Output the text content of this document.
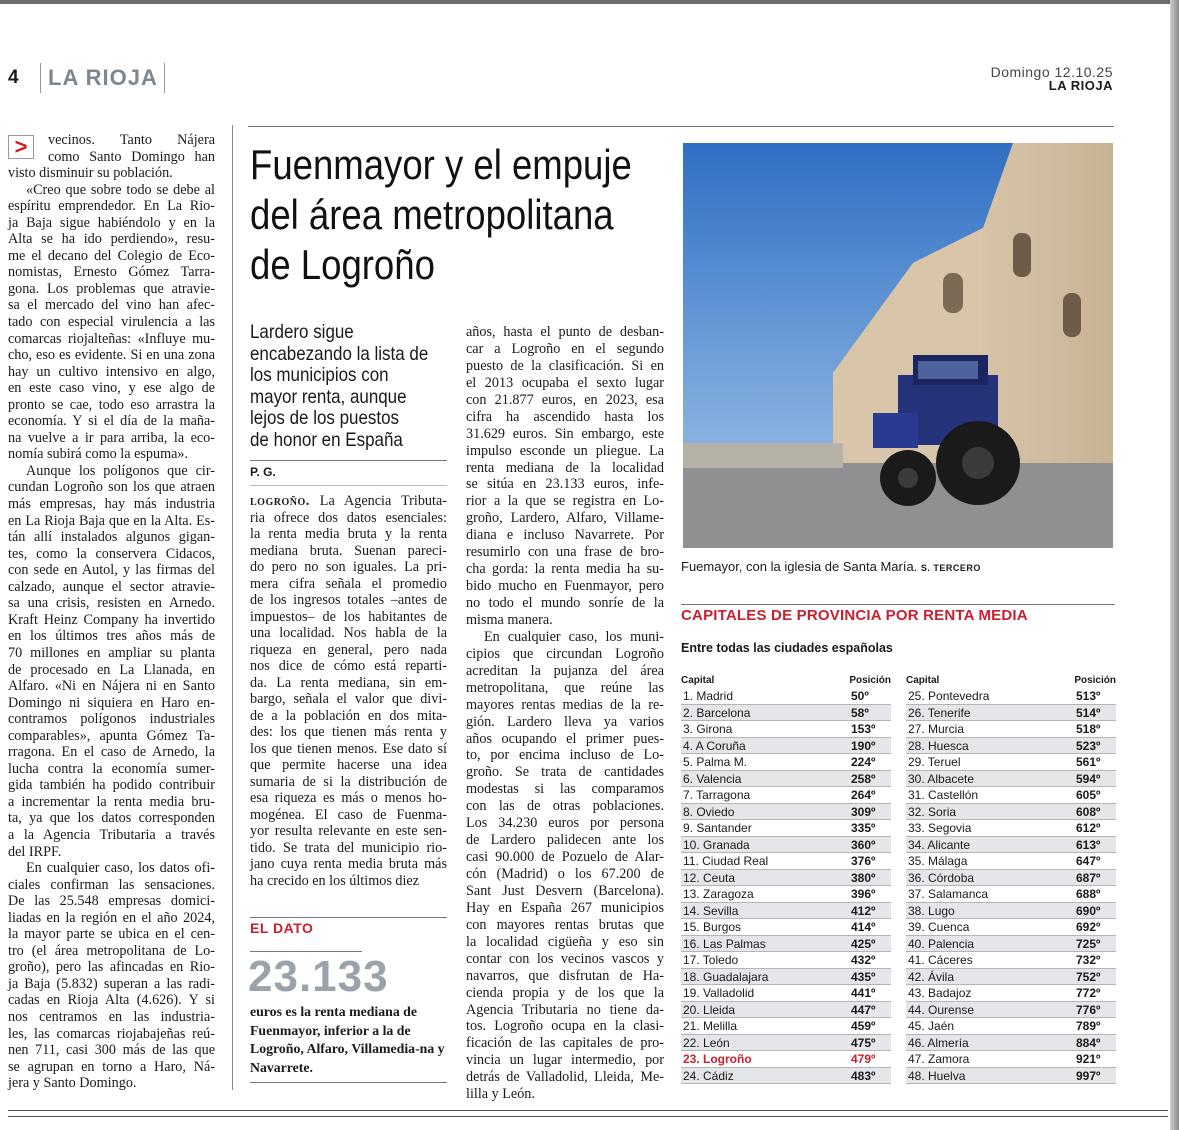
4 LA RIOJA	Domingo 12.10.25
LA RIOJA
>	vecinos. Tanto Nájera
como Santo Domingo han
visto disminuir su población.
«Creo que sobre todo se debe al
espíritu emprendedor. En La Rio-
ja Baja sigue habiéndolo y en la
Alta se ha ido perdiendo», resu-
me el decano del Colegio de Eco-
nomistas, Ernesto Gómez Tarra-
gona. Los problemas que atravie-
sa el mercado del vino han afec-
tado con especial virulencia a las
comarcas riojalteñas: «Influye mu-
cho, eso es evidente. Si en una zona
hay un cultivo intensivo en algo,
en este caso vino, y ese algo de
pronto se cae, todo eso arrastra la
economía. Y si el día de la maña-
na vuelve a ir para arriba, la eco-
nomía subirá como la espuma».
Aunque los polígonos que cir-
cundan Logroño son los que atraen
más empresas, hay más industria
en La Rioja Baja que en la Alta. Es-
tán allí instalados algunos gigan-
tes, como la conservera Cidacos,
con sede en Autol, y las firmas del
calzado, aunque el sector atravie-
sa una crisis, resisten en Arnedo.
Kraft Heinz Company ha invertido
en los últimos tres años más de
70 millones en ampliar su planta
de procesado en La Llanada, en
Alfaro. «Ni en Nájera ni en Santo
Domingo ni siquiera en Haro en-
contramos polígonos industriales
comparables», apunta Gómez Ta-
rragona. En el caso de Arnedo, la
lucha contra la economía sumer-
gida también ha podido contribuir
a incrementar la renta media bru-
ta, ya que los datos corresponden
a la Agencia Tributaria a través
del IRPF.
En cualquier caso, los datos ofi-
ciales confirman las sensaciones.
De las 25.548 empresas domici-
liadas en la región en el año 2024,
la mayor parte se ubica en el cen-
tro (el área metropolitana de Lo-
groño), pero las afincadas en Rio-
ja Baja (5.832) superan a las radi-
cadas en Rioja Alta (4.626). Y si
nos centramos en las industria-
les, las comarcas riojabajeñas reú-
nen 711, casi 300 más de las que
se agrupan en torno a Haro, Ná-
jera y Santo Domingo.
Fuenmayor y el empuje
del área metropolitana
de Logroño
Lardero sigue
encabezando la lista de
los municipios con
mayor renta, aunque
lejos de los puestos
de honor en España
P. G.
logroño. La Agencia Tributa-
ria ofrece dos datos esenciales:
la renta media bruta y la renta
mediana bruta. Suenan pareci-
do pero no son iguales. La pri-
mera cifra señala el promedio
de los ingresos totales –antes de
impuestos– de los habitantes de
una localidad. Nos habla de la
riqueza en general, pero nada
nos dice de cómo está reparti-
da. La renta mediana, sin em-
bargo, señala el valor que divi-
de a la población en dos mita-
des: los que tienen más renta y
los que tienen menos. Ese dato sí
que permite hacerse una idea
sumaria de si la distribución de
esa riqueza es más o menos ho-
mogénea. El caso de Fuenma-
yor resulta relevante en este sen-
tido. Se trata del municipio rio-
jano cuya renta media bruta más
ha crecido en los últimos diez
años, hasta el punto de desban-
car a Logroño en el segundo
puesto de la clasificación. Si en
el 2013 ocupaba el sexto lugar
con 21.877 euros, en 2023, esa
cifra ha ascendido hasta los
31.629 euros. Sin embargo, este
impulso esconde un pliegue. La
renta mediana de la localidad
se sitúa en 23.133 euros, infe-
rior a la que se registra en Lo-
groño, Lardero, Alfaro, Villame-
diana e incluso Navarrete. Por
resumirlo con una frase de bro-
cha gorda: la renta media ha su-
bido mucho en Fuenmayor, pero
no todo el mundo sonríe de la
misma manera.
En cualquier caso, los muni-
cipios que circundan Logroño
acreditan la pujanza del área
metropolitana, que reúne las
mayores rentas medias de la re-
gión. Lardero lleva ya varios
años ocupando el primer pues-
to, por encima incluso de Lo-
groño. Se trata de cantidades
modestas si las comparamos
con las de otras poblaciones.
Los 34.230 euros por persona
de Lardero palidecen ante los
casi 90.000 de Pozuelo de Alar-
cón (Madrid) o los 67.200 de
Sant Just Desvern (Barcelona).
Hay en España 267 municipios
con mayores rentas brutas que
la localidad cigüeña y eso sin
contar con los vecinos vascos y
navarros, que disfrutan de Ha-
cienda propia y de los que la
Agencia Tributaria no tiene da-
tos. Logroño ocupa en la clasi-
ficación de las capitales de pro-
vincia un lugar intermedio, por
detrás de Valladolid, Lleida, Me-
lilla y León.
EL DATO
23.133
euros es la renta mediana de Fuenmayor, inferior a la de Logroño, Alfaro, Villamedia-na y Navarrete.
Fuemayor, con la iglesia de Santa María. S. TERCERO
CAPITALES DE PROVINCIA POR RENTA MEDIA
Entre todas las ciudades españolas
Capital	Posición
1. Madrid	50º
2. Barcelona	58º
3. Girona	153º
4. A Coruña	190º
5. Palma M.	224º
6. Valencia	258º
7. Tarragona	264º
8. Oviedo	309º
9. Santander	335º
10. Granada	360º
11. Ciudad Real	376º
12. Ceuta	380º
13. Zaragoza	396º
14. Sevilla	412º
15. Burgos	414º
16. Las Palmas	425º
17. Toledo	432º
18. Guadalajara	435º
19. Valladolid	441º
20. Lleida	447º
21. Melilla	459º
22. León	475º
23. Logroño	479º
24. Cádiz	483º
Capital	Posición
25. Pontevedra	513º
26. Tenerife	514º
27. Murcia	518º
28. Huesca	523º
29. Teruel	561º
30. Albacete	594º
31. Castellón	605º
32. Soria	608º
33. Segovia	612º
34. Alicante	613º
35. Málaga	647º
36. Córdoba	687º
37. Salamanca	688º
38. Lugo	690º
39. Cuenca	692º
40. Palencia	725º
41. Cáceres	732º
42. Ávila	752º
43. Badajoz	772º
44. Ourense	776º
45. Jaén	789º
46. Almería	884º
47. Zamora	921º
48. Huelva	997º
